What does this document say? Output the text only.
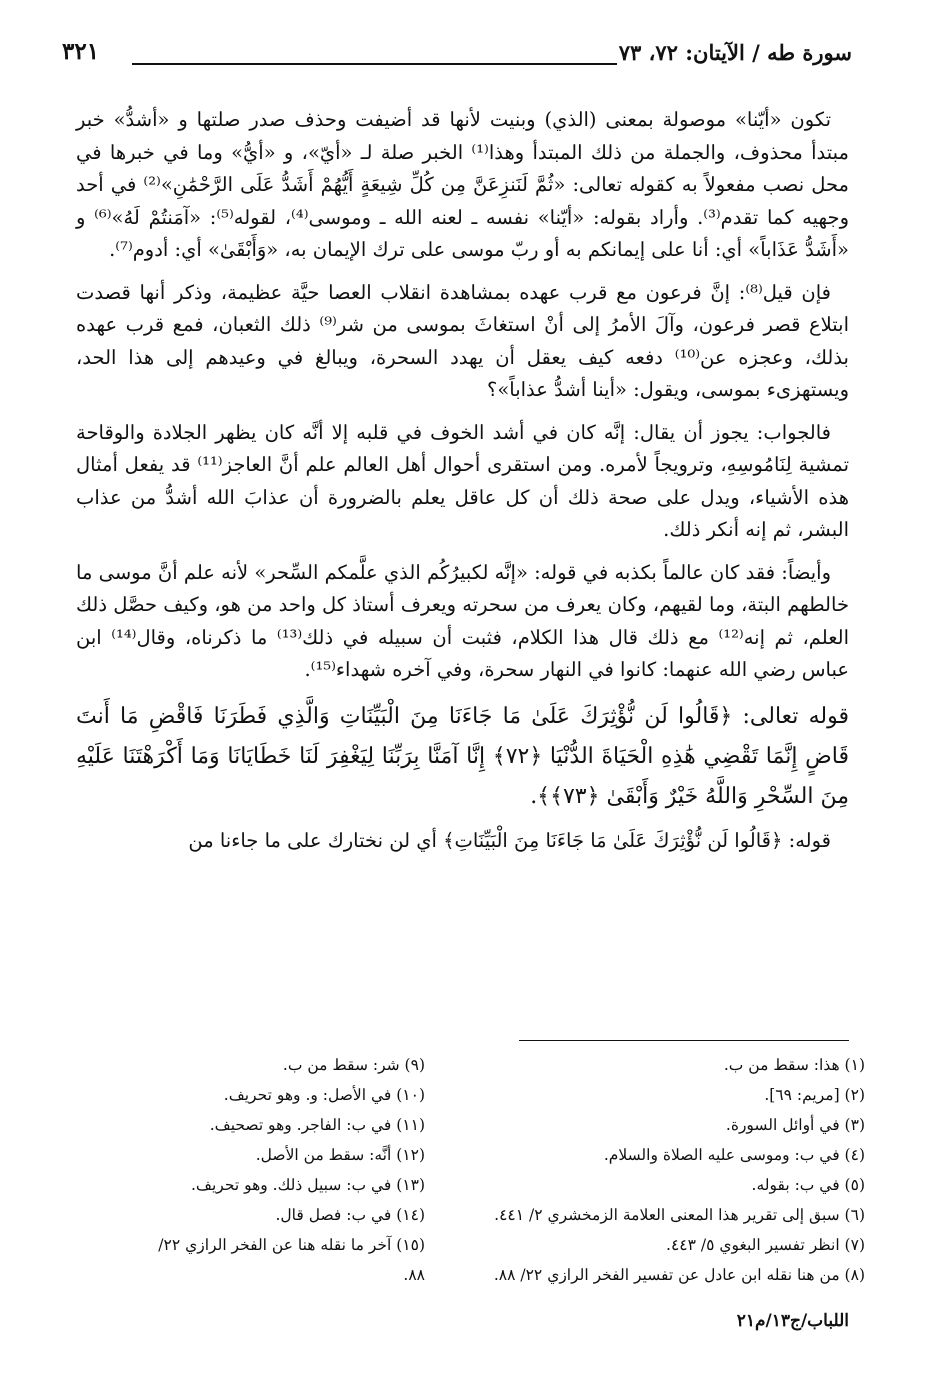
سورة طه / الآيتان: ٧٢، ٧٣
٣٢١

تكون «أيّنا» موصولة بمعنى (الذي) وبنيت لأنها قد أضيفت وحذف صدر صلتها و «أشدُّ» خبر مبتدأ محذوف، والجملة من ذلك المبتدأ وهذا⁽¹⁾ الخبر صلة لـ «أيّ»، و «أيُّ» وما في خبرها في محل نصب مفعولاً به كقوله تعالى: «ثُمَّ لَنَنزِعَنَّ مِن كُلِّ شِيعَةٍ أَيُّهُمْ أَشَدُّ عَلَى الرَّحْمَٰنِ»⁽²⁾ في أحد وجهيه كما تقدم⁽³⁾. وأراد بقوله: «أيّنا» نفسه ـ لعنه الله ـ وموسى⁽⁴⁾، لقوله⁽⁵⁾: «آمَنتُمْ لَهُ»⁽⁶⁾ و «أَشَدُّ عَذَاباً» أي: أنا على إيمانكم به أو ربّ موسى على ترك الإيمان به، «وَأَبْقَىٰ» أي: أدوم⁽⁷⁾.

فإن قيل⁽⁸⁾: إنَّ فرعون مع قرب عهده بمشاهدة انقلاب العصا حيَّة عظيمة، وذكر أنها قصدت ابتلاع قصر فرعون، وآلَ الأمرُ إلى أنْ استغاثَ بموسى من شر⁽⁹⁾ ذلك الثعبان، فمع قرب عهده بذلك، وعجزه عن⁽¹⁰⁾ دفعه كيف يعقل أن يهدد السحرة، ويبالغ في وعيدهم إلى هذا الحد، ويستهزىء بموسى، ويقول: «أينا أشدُّ عذاباً»؟

فالجواب: يجوز أن يقال: إنَّه كان في أشد الخوف في قلبه إلا أنَّه كان يظهر الجلادة والوقاحة تمشية لِنَامُوسِهِ، وترويجاً لأمره. ومن استقرى أحوال أهل العالم علم أنَّ العاجز⁽¹¹⁾ قد يفعل أمثال هذه الأشياء، ويدل على صحة ذلك أن كل عاقل يعلم بالضرورة أن عذابَ الله أشدُّ من عذاب البشر، ثم إنه أنكر ذلك.

وأيضاً: فقد كان عالماً بكذبه في قوله: «إنَّه لكبيرُكُم الذي علَّمكم السِّحر» لأنه علم أنَّ موسى ما خالطهم البتة، وما لقيهم، وكان يعرف من سحرته ويعرف أستاذ كل واحد من هو، وكيف حصَّل ذلك العلم، ثم إنه⁽¹²⁾ مع ذلك قال هذا الكلام، فثبت أن سبيله في ذلك⁽¹³⁾ ما ذكرناه، وقال⁽¹⁴⁾ ابن عباس رضي الله عنهما: كانوا في النهار سحرة، وفي آخره شهداء⁽¹⁵⁾.

قوله تعالى: ﴿قَالُوا لَن نُّؤْثِرَكَ عَلَىٰ مَا جَاءَنَا مِنَ الْبَيِّنَاتِ وَالَّذِي فَطَرَنَا فَاقْضِ مَا أَنتَ قَاضٍ إِنَّمَا تَقْضِي هَٰذِهِ الْحَيَاةَ الدُّنْيَا ﴿٧٢﴾ إِنَّا آمَنَّا بِرَبِّنَا لِيَغْفِرَ لَنَا خَطَايَانَا وَمَا أَكْرَهْتَنَا عَلَيْهِ مِنَ السِّحْرِ وَاللَّهُ خَيْرٌ وَأَبْقَىٰ ﴿٧٣﴾﴾.

قوله: ﴿قَالُوا لَن نُّؤْثِرَكَ عَلَىٰ مَا جَاءَنَا مِنَ الْبَيِّنَاتِ﴾ أي لن نختارك على ما جاءنا من

(١) هذا: سقط من ب.
(٢) [مريم: ٦٩].
(٣) في أوائل السورة.
(٤) في ب: وموسى عليه الصلاة والسلام.
(٥) في ب: بقوله.
(٦) سبق إلى تقرير هذا المعنى العلامة الزمخشري ٢/ ٤٤١.
(٧) انظر تفسير البغوي ٥/ ٤٤٣.
(٨) من هنا نقله ابن عادل عن تفسير الفخر الرازي ٢٢/ ٨٨.
(٩) شر: سقط من ب.
(١٠) في الأصل: و. وهو تحريف.
(١١) في ب: الفاجر. وهو تصحيف.
(١٢) أنَّه: سقط من الأصل.
(١٣) في ب: سبيل ذلك. وهو تحريف.
(١٤) في ب: فصل قال.
(١٥) آخر ما نقله هنا عن الفخر الرازي ٢٢/
٨٨.
اللباب/ج١٣/م٢١
